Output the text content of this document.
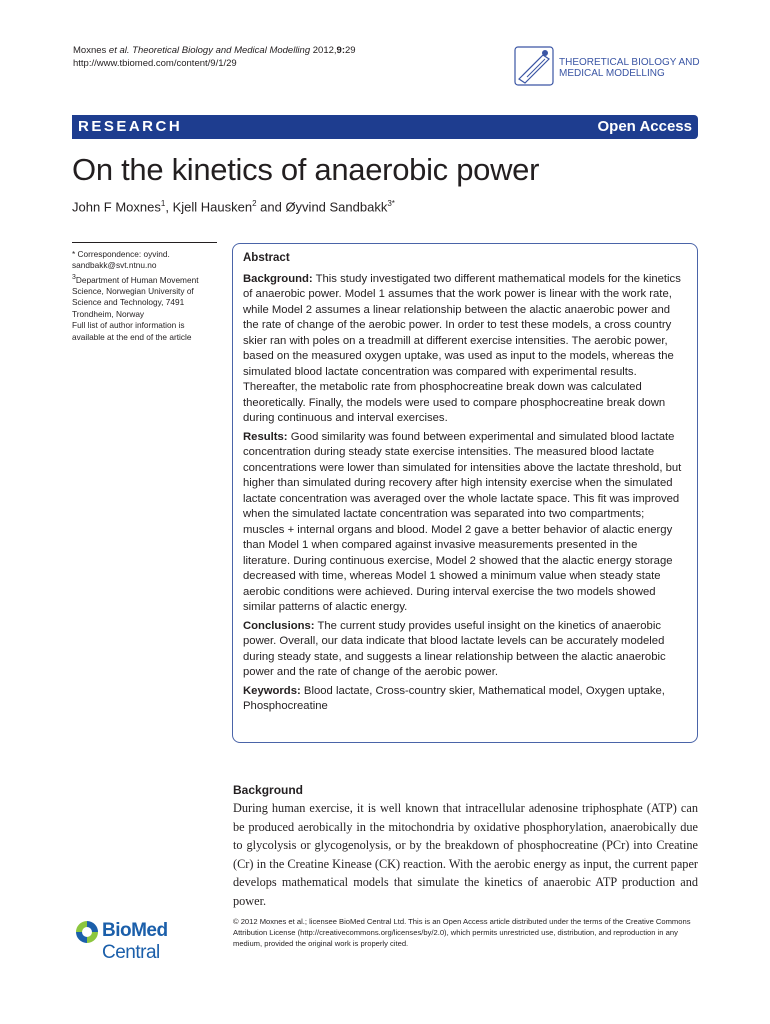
Moxnes et al. Theoretical Biology and Medical Modelling 2012,9:29
http://www.tbiomed.com/content/9/1/29	THEORETICAL BIOLOGY AND
MEDICAL MODELLING
RESEARCH	Open Access
On the kinetics of anaerobic power
John F Moxnes$^1$, Kjell Hausken$^2$ and Øyvind Sandbakk$^{3*}$
* Correspondence: oyvind.
sandbakk@svt.ntnu.no
$^3$Department of Human Movement Science, Norwegian University of Science and Technology, 7491 Trondheim, Norway
Full list of author information is available at the end of the article
Abstract

Background: This study investigated two different mathematical models for the kinetics of anaerobic power. Model 1 assumes that the work power is linear with the work rate, while Model 2 assumes a linear relationship between the alactic anaerobic power and the rate of change of the aerobic power. In order to test these models, a cross country skier ran with poles on a treadmill at different exercise intensities. The aerobic power, based on the measured oxygen uptake, was used as input to the models, whereas the simulated blood lactate concentration was compared with experimental results. Thereafter, the metabolic rate from phosphocreatine break down was calculated theoretically. Finally, the models were used to compare phosphocreatine break down during continuous and interval exercises.

Results: Good similarity was found between experimental and simulated blood lactate concentration during steady state exercise intensities. The measured blood lactate concentrations were lower than simulated for intensities above the lactate threshold, but higher than simulated during recovery after high intensity exercise when the simulated lactate concentration was averaged over the whole lactate space. This fit was improved when the simulated lactate concentration was separated into two compartments; muscles + internal organs and blood. Model 2 gave a better behavior of alactic energy than Model 1 when compared against invasive measurements presented in the literature. During continuous exercise, Model 2 showed that the alactic energy storage decreased with time, whereas Model 1 showed a minimum value when steady state aerobic conditions were achieved. During interval exercise the two models showed similar patterns of alactic energy.

Conclusions: The current study provides useful insight on the kinetics of anaerobic power. Overall, our data indicate that blood lactate levels can be accurately modeled during steady state, and suggests a linear relationship between the alactic anaerobic power and the rate of change of the aerobic power.

Keywords: Blood lactate, Cross-country skier, Mathematical model, Oxygen uptake, Phosphocreatine

Background
During human exercise, it is well known that intracellular adenosine triphosphate (ATP) can be produced aerobically in the mitochondria by oxidative phosphorylation, anaerobically due to glycolysis or glycogenolysis, or by the breakdown of phosphocreatine (PCr) into Creatine (Cr) in the Creatine Kinease (CK) reaction. With the aerobic energy as input, the current paper develops mathematical models that simulate the kinetics of anaerobic ATP production and power.
BioMed Central
© 2012 Moxnes et al.; licensee BioMed Central Ltd. This is an Open Access article distributed under the terms of the Creative Commons Attribution License (http://creativecommons.org/licenses/by/2.0), which permits unrestricted use, distribution, and reproduction in any medium, provided the original work is properly cited.
